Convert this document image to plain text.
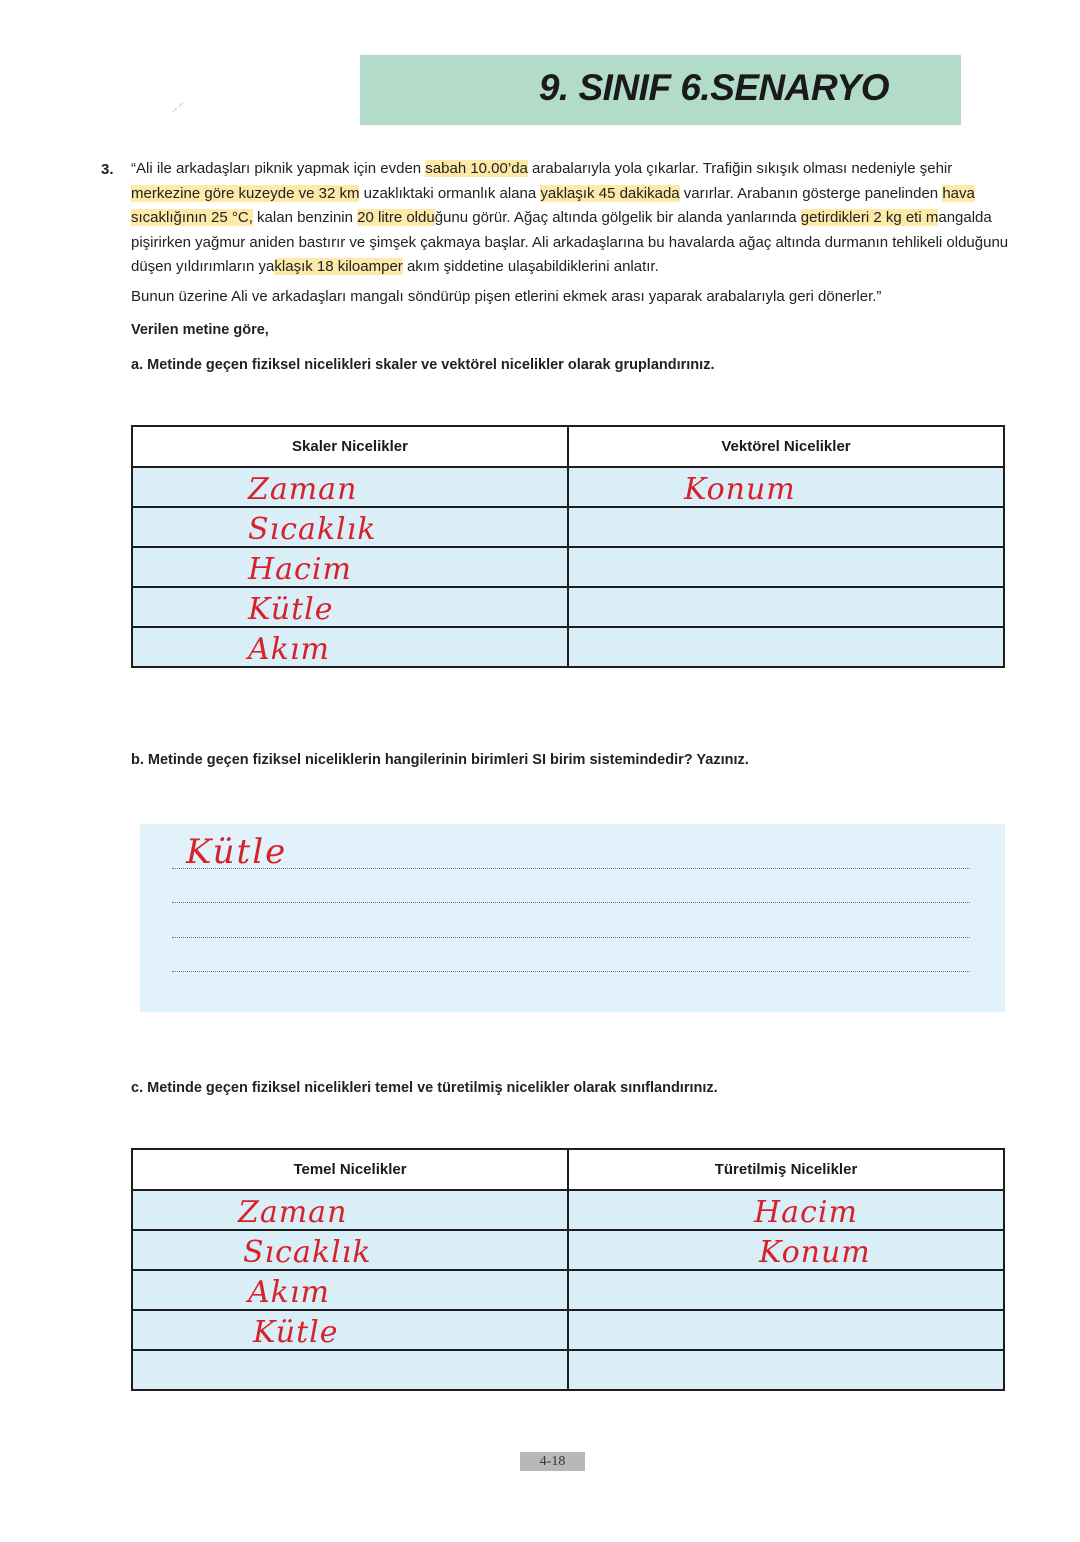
⸝⸍	9. SINIF 6.SENARYO
3. “Ali ile arkadaşları piknik yapmak için evden sabah 10.00’da arabalarıyla yola çıkarlar. Trafiğin sıkışık olması nedeniyle şehir merkezine göre kuzeyde ve 32 km uzaklıktaki ormanlık alana yaklaşık 45 dakikada varırlar. Arabanın gösterge panelinden hava sıcaklığının 25 °C, kalan benzinin 20 litre olduğunu görür. Ağaç altında gölgelik bir alanda yanlarında getirdikleri 2 kg eti mangalda pişirirken yağmur aniden bastırır ve şimşek çakmaya başlar. Ali arkadaşlarına bu havalarda ağaç altında durmanın tehlikeli olduğunu düşen yıldırımların yaklaşık 18 kiloamper akım şiddetine ulaşabildiklerini anlatır.
Bunun üzerine Ali ve arkadaşları mangalı söndürüp pişen etlerini ekmek arası yaparak arabalarıyla geri dönerler.”
Verilen metine göre,
a. Metinde geçen fiziksel nicelikleri skaler ve vektörel nicelikler olarak gruplandırınız.
Skaler Nicelikler	Vektörel Nicelikler

Zaman	Konum

Sıcaklık	

Hacim	

Kütle	

Akım	

b. Metinde geçen fiziksel niceliklerin hangilerinin birimleri SI birim sistemindedir? Yazınız.
Kütle
c. Metinde geçen fiziksel nicelikleri temel ve türetilmiş nicelikler olarak sınıflandırınız.
Temel Nicelikler	Türetilmiş Nicelikler

Zaman	Hacim

Sıcaklık	Konum

Akım	

Kütle	

4-18
